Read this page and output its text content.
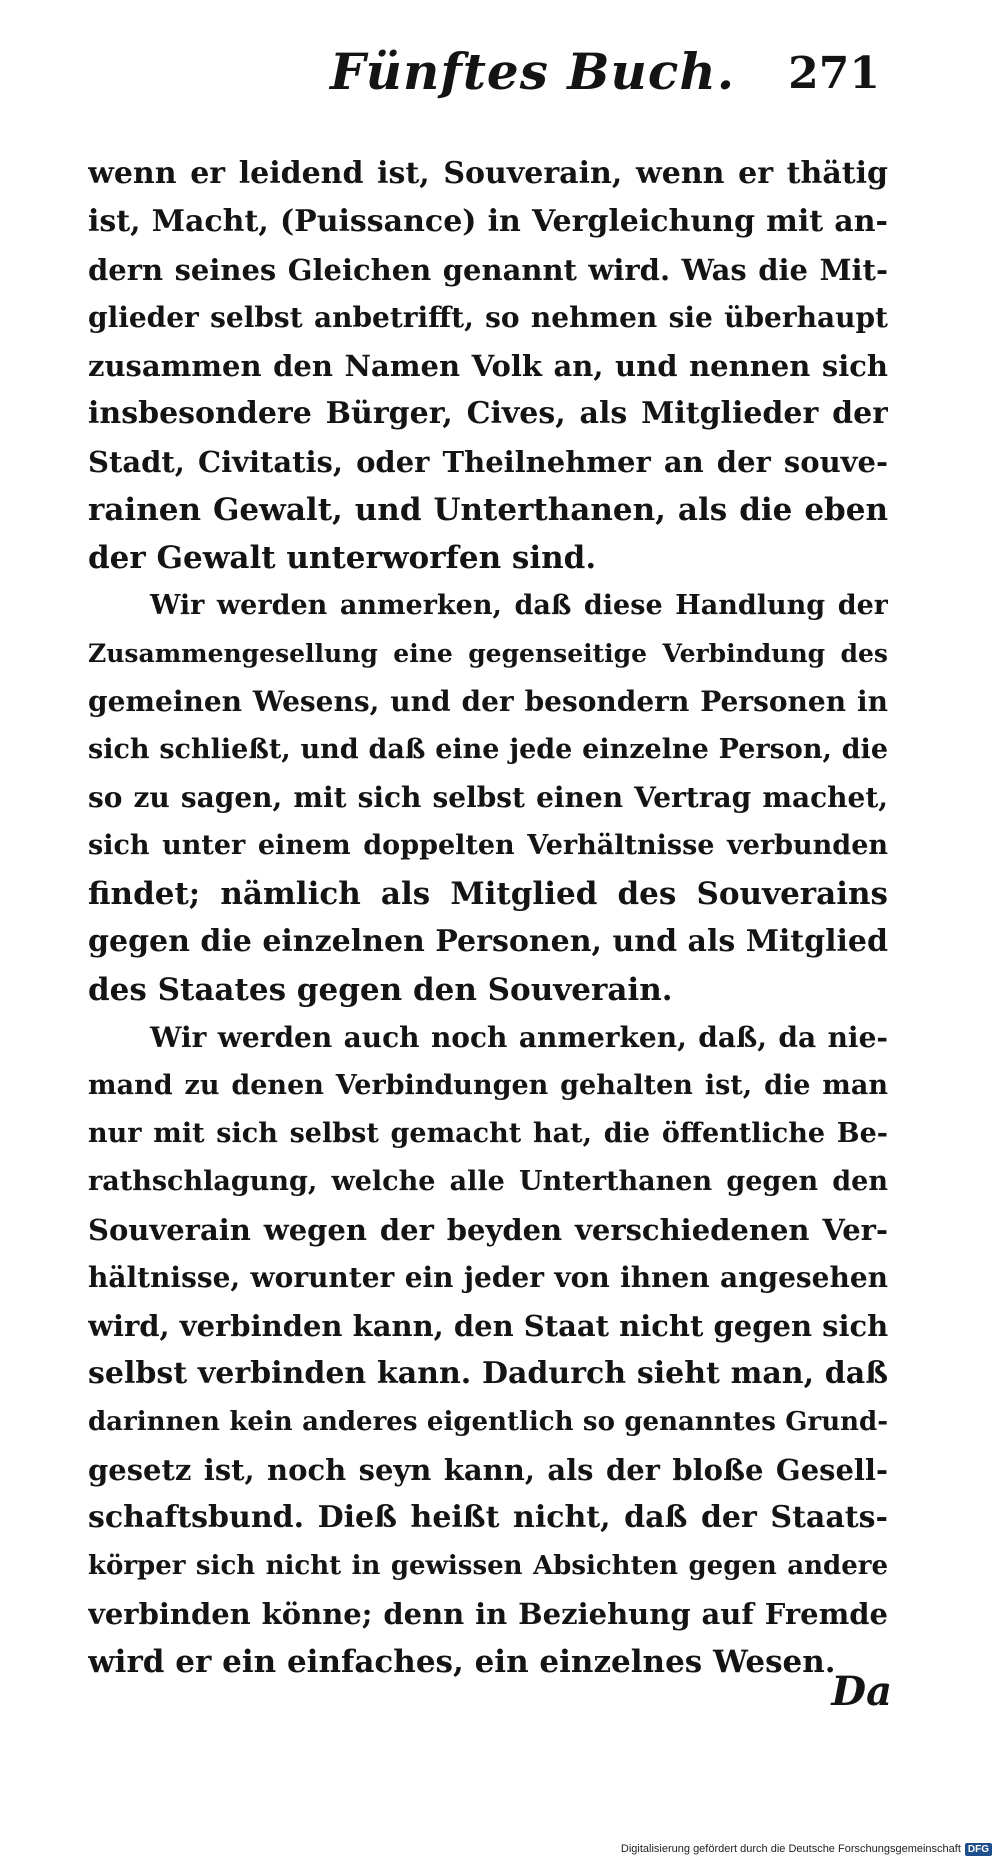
Fünftes Buch. 271
wenn er leidend ist, Souverain, wenn er thätig
ist, Macht, (Puissance) in Vergleichung mit an-
dern seines Gleichen genannt wird. Was die Mit-
glieder selbst anbetrifft, so nehmen sie überhaupt
zusammen den Namen Volk an, und nennen sich
insbesondere Bürger, Cives, als Mitglieder der
Stadt, Civitatis, oder Theilnehmer an der souve-
rainen Gewalt, und Unterthanen, als die eben
der Gewalt unterworfen sind.
Wir werden anmerken, daß diese Handlung der
Zusammengesellung eine gegenseitige Verbindung des
gemeinen Wesens, und der besondern Personen in
sich schließt, und daß eine jede einzelne Person, die
so zu sagen, mit sich selbst einen Vertrag machet,
sich unter einem doppelten Verhältnisse verbunden
findet; nämlich als Mitglied des Souverains
gegen die einzelnen Personen, und als Mitglied
des Staates gegen den Souverain.
Wir werden auch noch anmerken, daß, da nie-
mand zu denen Verbindungen gehalten ist, die man
nur mit sich selbst gemacht hat, die öffentliche Be-
rathschlagung, welche alle Unterthanen gegen den
Souverain wegen der beyden verschiedenen Ver-
hältnisse, worunter ein jeder von ihnen angesehen
wird, verbinden kann, den Staat nicht gegen sich
selbst verbinden kann. Dadurch sieht man, daß
darinnen kein anderes eigentlich so genanntes Grund-
gesetz ist, noch seyn kann, als der bloße Gesell-
schaftsbund. Dieß heißt nicht, daß der Staats-
körper sich nicht in gewissen Absichten gegen andere
verbinden könne; denn in Beziehung auf Fremde
wird er ein einfaches, ein einzelnes Wesen.
Da
Digitalisierung gefördert durch die Deutsche Forschungsgemeinschaft DFG
